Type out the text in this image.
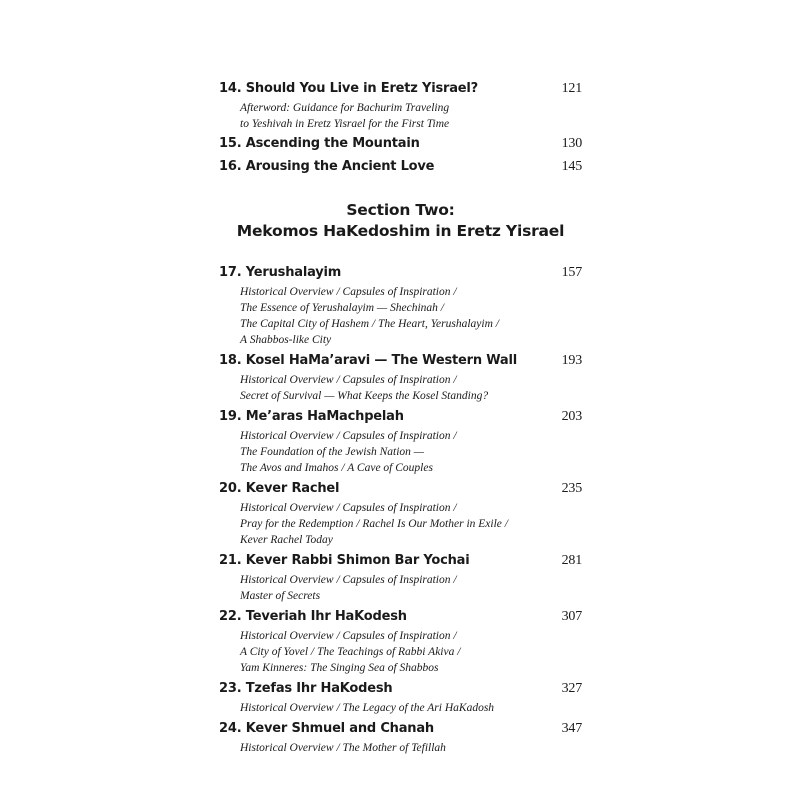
14. Should You Live in Eretz Yisrael?	121
Afterword: Guidance for Bachurim Traveling
to Yeshivah in Eretz Yisrael for the First Time
15. Ascending the Mountain	130
16. Arousing the Ancient Love	145
Section Two:
Mekomos HaKedoshim in Eretz Yisrael
17. Yerushalayim	157
Historical Overview / Capsules of Inspiration /
The Essence of Yerushalayim — Shechinah /
The Capital City of Hashem / The Heart, Yerushalayim /
A Shabbos-like City
18. Kosel HaMa’aravi — The Western Wall	193
Historical Overview / Capsules of Inspiration /
Secret of Survival — What Keeps the Kosel Standing?
19. Me’aras HaMachpelah	203
Historical Overview / Capsules of Inspiration /
The Foundation of the Jewish Nation —
The Avos and Imahos / A Cave of Couples
20. Kever Rachel	235
Historical Overview / Capsules of Inspiration /
Pray for the Redemption / Rachel Is Our Mother in Exile /
Kever Rachel Today
21. Kever Rabbi Shimon Bar Yochai	281
Historical Overview / Capsules of Inspiration /
Master of Secrets
22. Teveriah Ihr HaKodesh	307
Historical Overview / Capsules of Inspiration /
A City of Yovel / The Teachings of Rabbi Akiva /
Yam Kinneres: The Singing Sea of Shabbos
23. Tzefas Ihr HaKodesh	327
Historical Overview / The Legacy of the Ari HaKadosh
24. Kever Shmuel and Chanah	347
Historical Overview / The Mother of Tefillah
